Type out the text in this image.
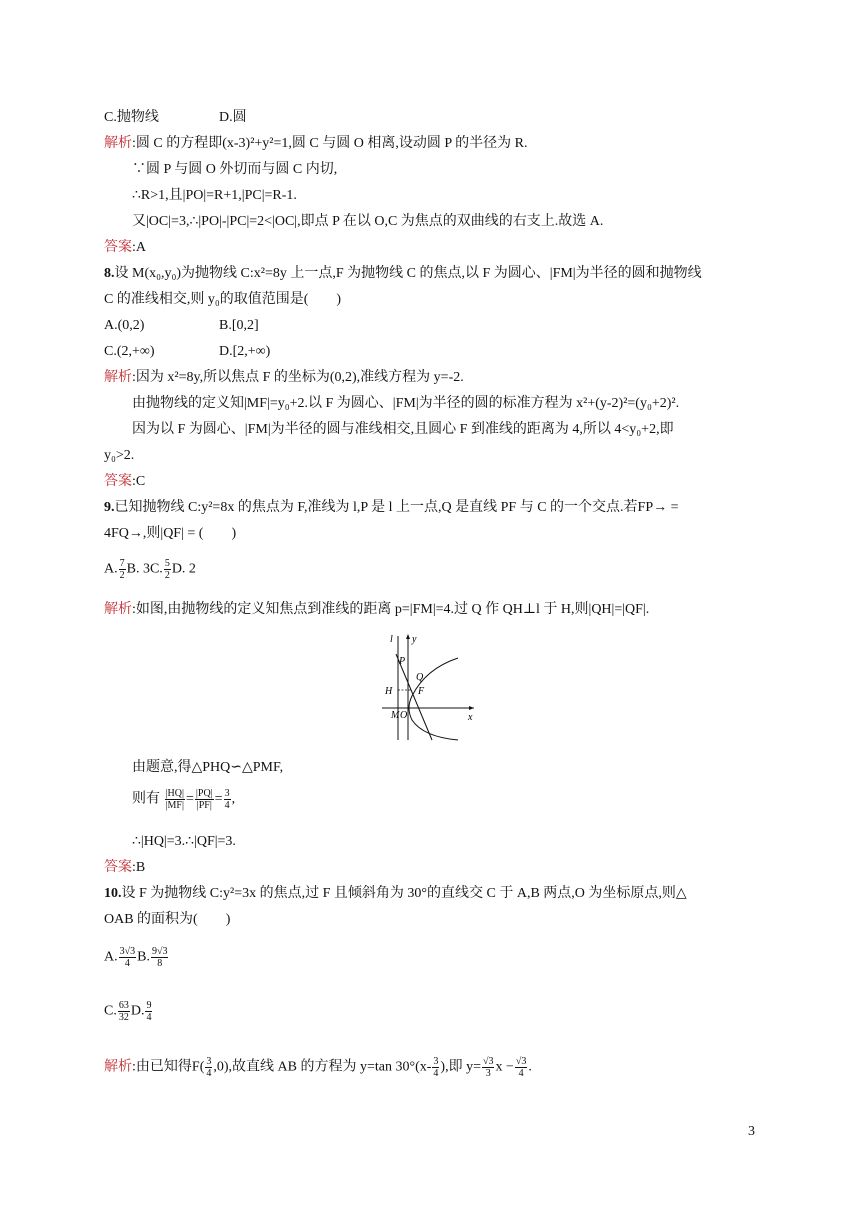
C.抛物线	D.圆
解析:圆 C 的方程即(x-3)²+y²=1,圆 C 与圆 O 相离,设动圆 P 的半径为 R.
∵圆 P 与圆 O 外切而与圆 C 内切,
∴R>1,且|PO|=R+1,|PC|=R-1.
又|OC|=3,∴|PO|-|PC|=2<|OC|,即点 P 在以 O,C 为焦点的双曲线的右支上.故选 A.
答案:A
8.设 M(x₀,y₀)为抛物线 C:x²=8y 上一点,F 为抛物线 C 的焦点,以 F 为圆心、|FM|为半径的圆和抛物线
C 的准线相交,则 y₀的取值范围是(　　)
A.(0,2)	B.[0,2]
C.(2,+∞)	D.[2,+∞)
解析:因为 x²=8y,所以焦点 F 的坐标为(0,2),准线方程为 y=-2.
由抛物线的定义知|MF|=y₀+2.以 F 为圆心、|FM|为半径的圆的标准方程为 x²+(y-2)²=(y₀+2)².
因为以 F 为圆心、|FM|为半径的圆与准线相交,且圆心 F 到准线的距离为 4,所以 4<y₀+2,即
y₀>2.
答案:C
9.已知抛物线 C:y²=8x 的焦点为 F,准线为 l,P 是 l 上一点,Q 是直线 PF 与 C 的一个交点.若FP→ =
4FQ→,则|QF| = (　　)
A. $\frac{7}{2} B$. 3C. $\frac{5}{2} D$. 2
解析:如图,由抛物线的定义知焦点到准线的距离 p=|FM|=4.过 Q 作 QH⊥l 于 H,则|QH|=|QF|.
l y
x
P
Q
H	F
M O
由题意,得△PHQ∽△PMF,
则有 $\frac{|HQ|}{|MF|} = \frac{|PQ|}{|PF|} = \frac{3}{4}$ ,
∴|HQ|=3.∴|QF|=3.
答案:B
10.设 F 为抛物线 C:y²=3x 的焦点,过 F 且倾斜角为 30°的直线交 C 于 A,B 两点,O 为坐标原点,则△
OAB 的面积为(　　)
A. $\frac{3√3}{4} B$. $\frac{9√3}{8}$
C. $\frac{63}{32} D$. $\frac{9}{4}$
解析:由已知得$F( \frac{3}{4} ,0)$,故直线 AB 的方程为 y=tan $30^\circ(x- \frac{3}{4}$ ),即 $y= \frac{√3}{3}$ $x - \frac{√3}{4}$ .
3
